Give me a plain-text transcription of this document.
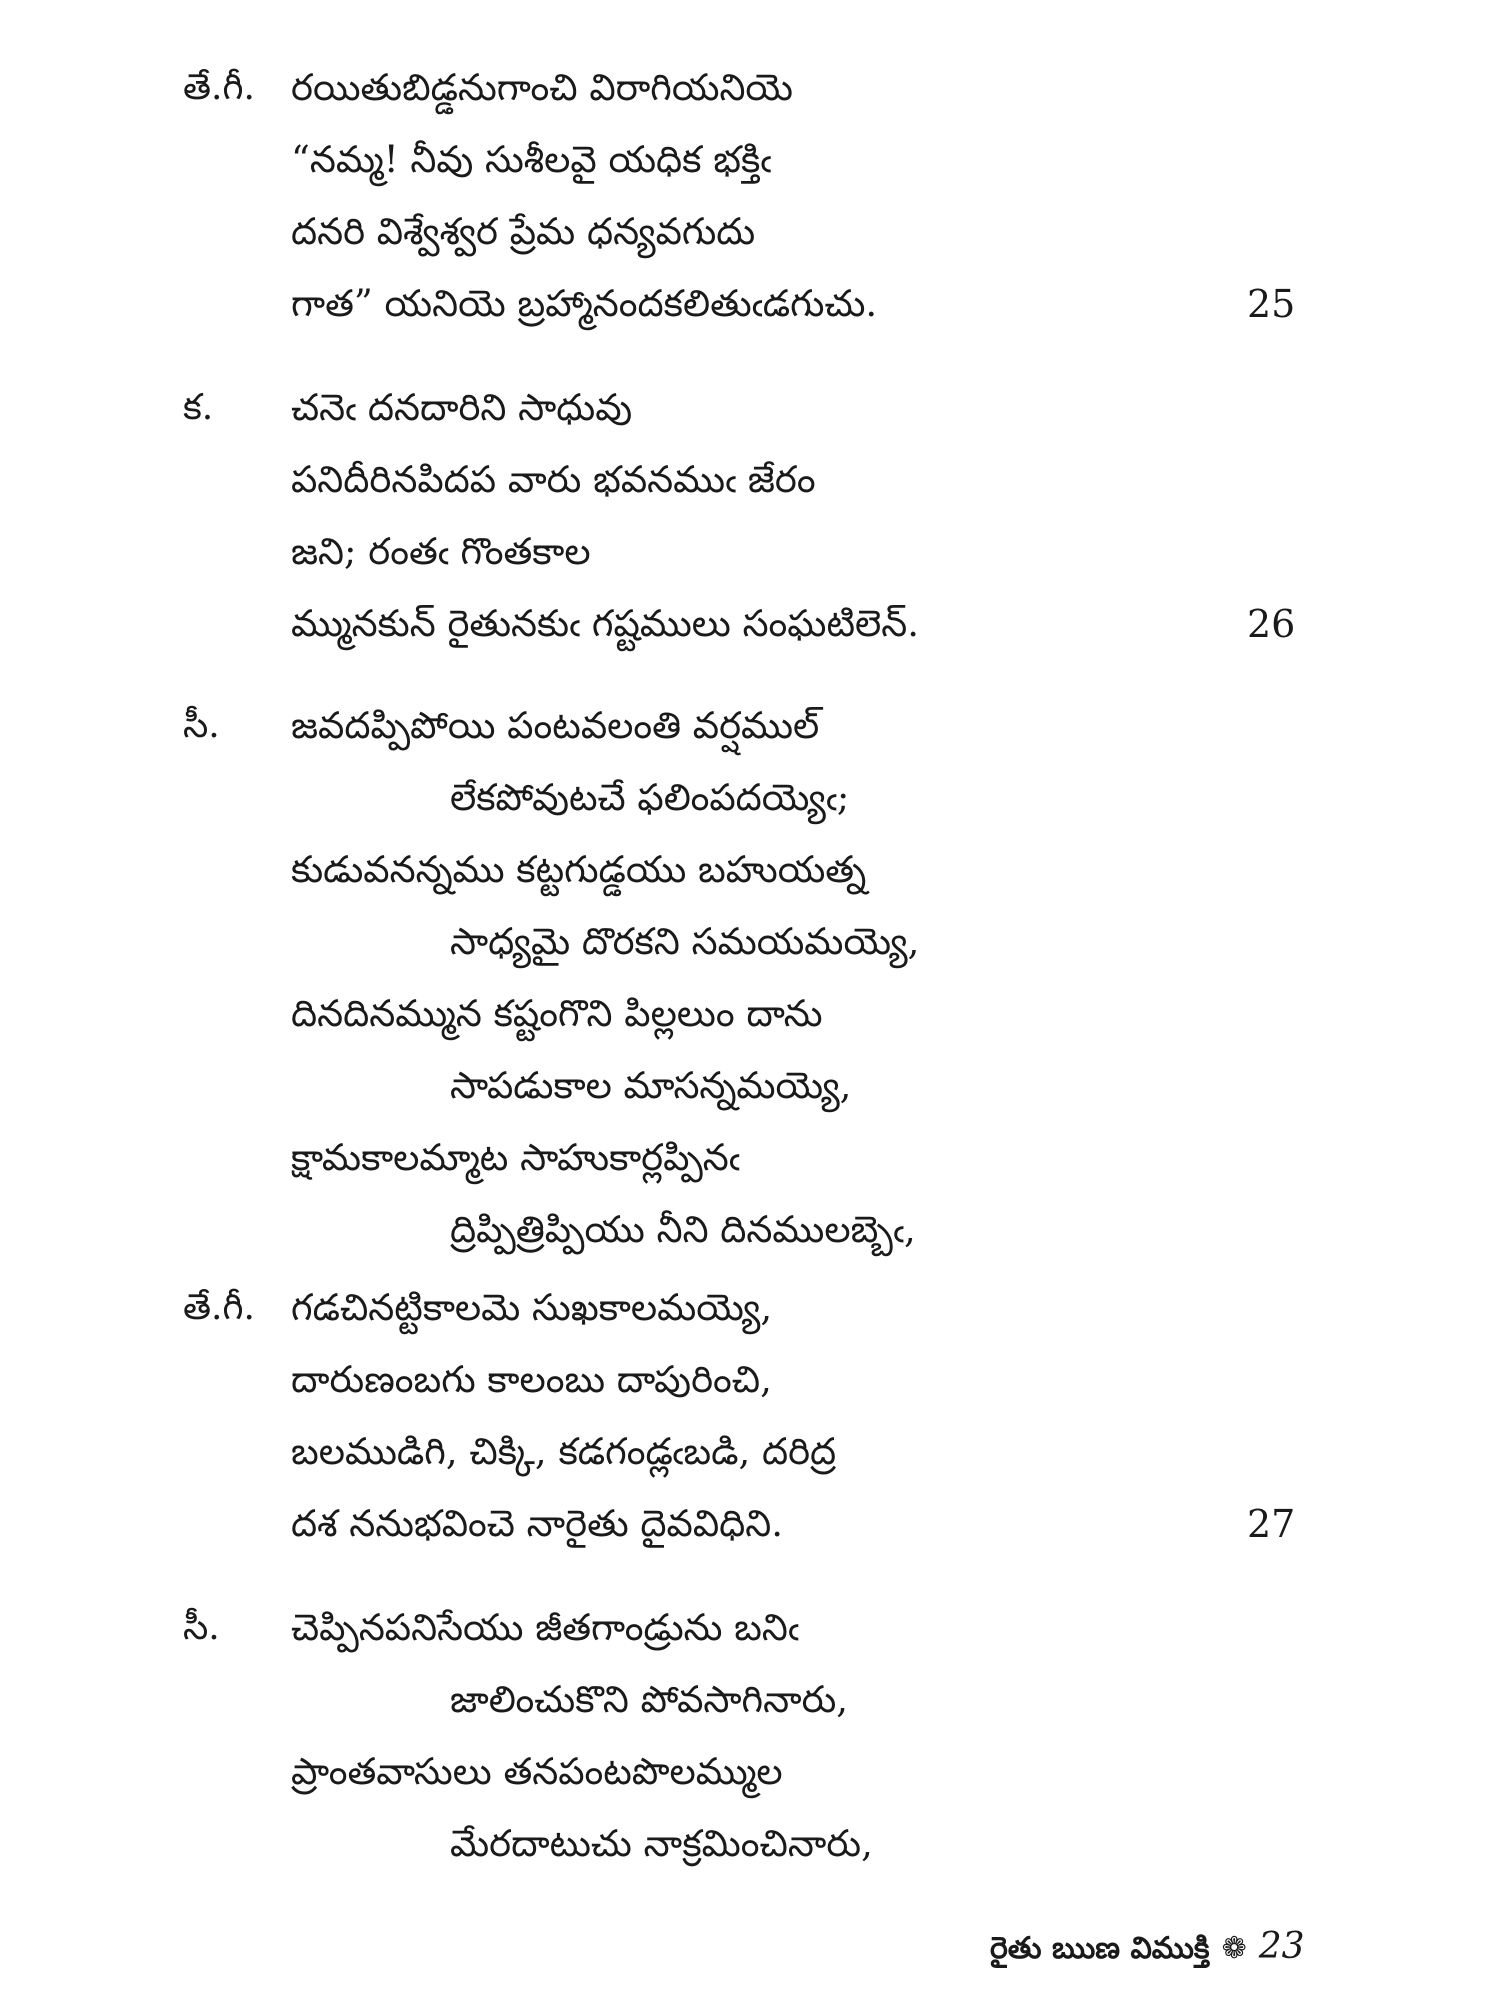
తే.గీ. రయితుబిడ్డనుగాంచి విరాగియనియె
“నమ్మ! నీవు సుశీలవై యధిక భక్తిఁ
దనరి విశ్వేశ్వర ప్రేమ ధన్యవగుదు
గాత” యనియె బ్రహ్మానందకలితుఁడగుచు.	25
క. చనెఁ దనదారిని సాధువు
పనిదీరినపిదప వారు భవనముఁ జేరం
జని; రంతఁ గొంతకాల
మ్మునకున్ రైతునకుఁ గష్టములు సంఘటిలెన్.	26
సీ. జవదప్పిపోయి పంటవలంతి వర్షముల్
లేకపోవుటచే ఫలింపదయ్యెఁ;
కుడువనన్నము కట్టగుడ్డయు బహుయత్న
సాధ్యమై దొరకని సమయమయ్యె,
దినదినమ్మున కష్టంగొని పిల్లలుం దాను
సాపడుకాల మాసన్నమయ్యె,
క్షామకాలమ్మాట సాహుకార్లప్పినఁ
ద్రిప్పిత్రిప్పియు నీని దినములబ్బెఁ,
తే.గీ. గడచినట్టికాలమె సుఖకాలమయ్యె,
దారుణంబగు కాలంబు దాపురించి,
బలముడిగి, చిక్కి, కడగండ్లఁబడి, దరిద్ర
దశ ననుభవించె నారైతు దైవవిధిని.	27
సీ. చెప్పినపనిసేయు జీతగాండ్రును బనిఁ
జాలించుకొని పోవసాగినారు,
ప్రాంతవాసులు తనపంటపొలమ్ముల
మేరదాటుచు నాక్రమించినారు,
రైతు ఋణ విముక్తి ❁ 23
